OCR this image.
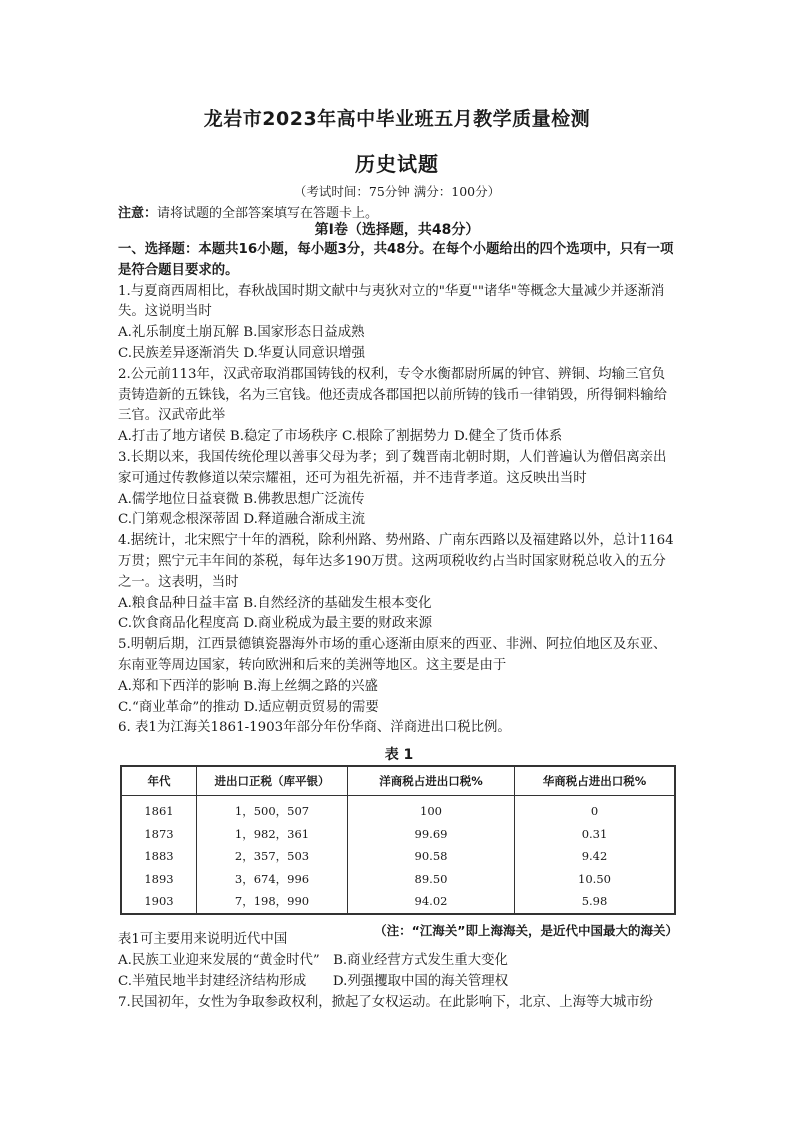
龙岩市2023年高中毕业班五月教学质量检测
历史试题
（考试时间：75分钟 满分：100分）
注意：请将试题的全部答案填写在答题卡上。
第Ⅰ卷（选择题，共48分）

一、选择题：本题共16小题，每小题3分，共48分。在每个小题给出的四个选项中，只有一项是符合题目要求的。

1.与夏商西周相比，春秋战国时期文献中与夷狄对立的"华夏""诸华"等概念大量减少并逐渐消失。这说明当时

A.礼乐制度土崩瓦解 B.国家形态日益成熟

C.民族差异逐渐消失 D.华夏认同意识增强

2.公元前113年，汉武帝取消郡国铸钱的权利，专令水衡都尉所属的钟官、辨铜、均输三官负责铸造新的五铢钱，名为三官钱。他还责成各郡国把以前所铸的钱币一律销毁，所得铜料输给三官。汉武帝此举

A.打击了地方诸侯 B.稳定了市场秩序 C.根除了割据势力 D.健全了货币体系

3.长期以来，我国传统伦理以善事父母为孝；到了魏晋南北朝时期，人们普遍认为僧侣离亲出家可通过传教修道以荣宗耀祖，还可为祖先祈福，并不违背孝道。这反映出当时

A.儒学地位日益衰微 B.佛教思想广泛流传

C.门第观念根深蒂固 D.释道融合渐成主流

4.据统计，北宋熙宁十年的酒税，除利州路、势州路、广南东西路以及福建路以外，总计1164万贯；熙宁元丰年间的茶税，每年达多190万贯。这两项税收约占当时国家财税总收入的五分之一。这表明，当时

A.粮食品种日益丰富 B.自然经济的基础发生根本变化

C.饮食商品化程度高 D.商业税成为最主要的财政来源

5.明朝后期，江西景德镇瓷器海外市场的重心逐渐由原来的西亚、非洲、阿拉伯地区及东亚、东南亚等周边国家，转向欧洲和后来的美洲等地区。这主要是由于

A.郑和下西洋的影响 B.海上丝绸之路的兴盛

C.“商业革命”的推动 D.适应朝贡贸易的需要

6. 表1为江海关1861-1903年部分年份华商、洋商进出口税比例。

表 1
年代	进出口正税（库平银）	洋商税占进出口税%	华商税占进出口税%
1861	1，500，507	100	0
1873	1，982，361	99.69	0.31
1883	2，357，503	90.58	9.42
1893	3，674，996	89.50	10.50
1903	7，198，990	94.02	5.98
（注：“江海关”即上海海关，是近代中国最大的海关）

表1可主要用来说明近代中国

A.民族工业迎来发展的“黄金时代”　B.商业经营方式发生重大变化

C.半殖民地半封建经济结构形成　　D.列强攫取中国的海关管理权

7.民国初年，女性为争取参政权利，掀起了女权运动。在此影响下，北京、上海等大城市纷
